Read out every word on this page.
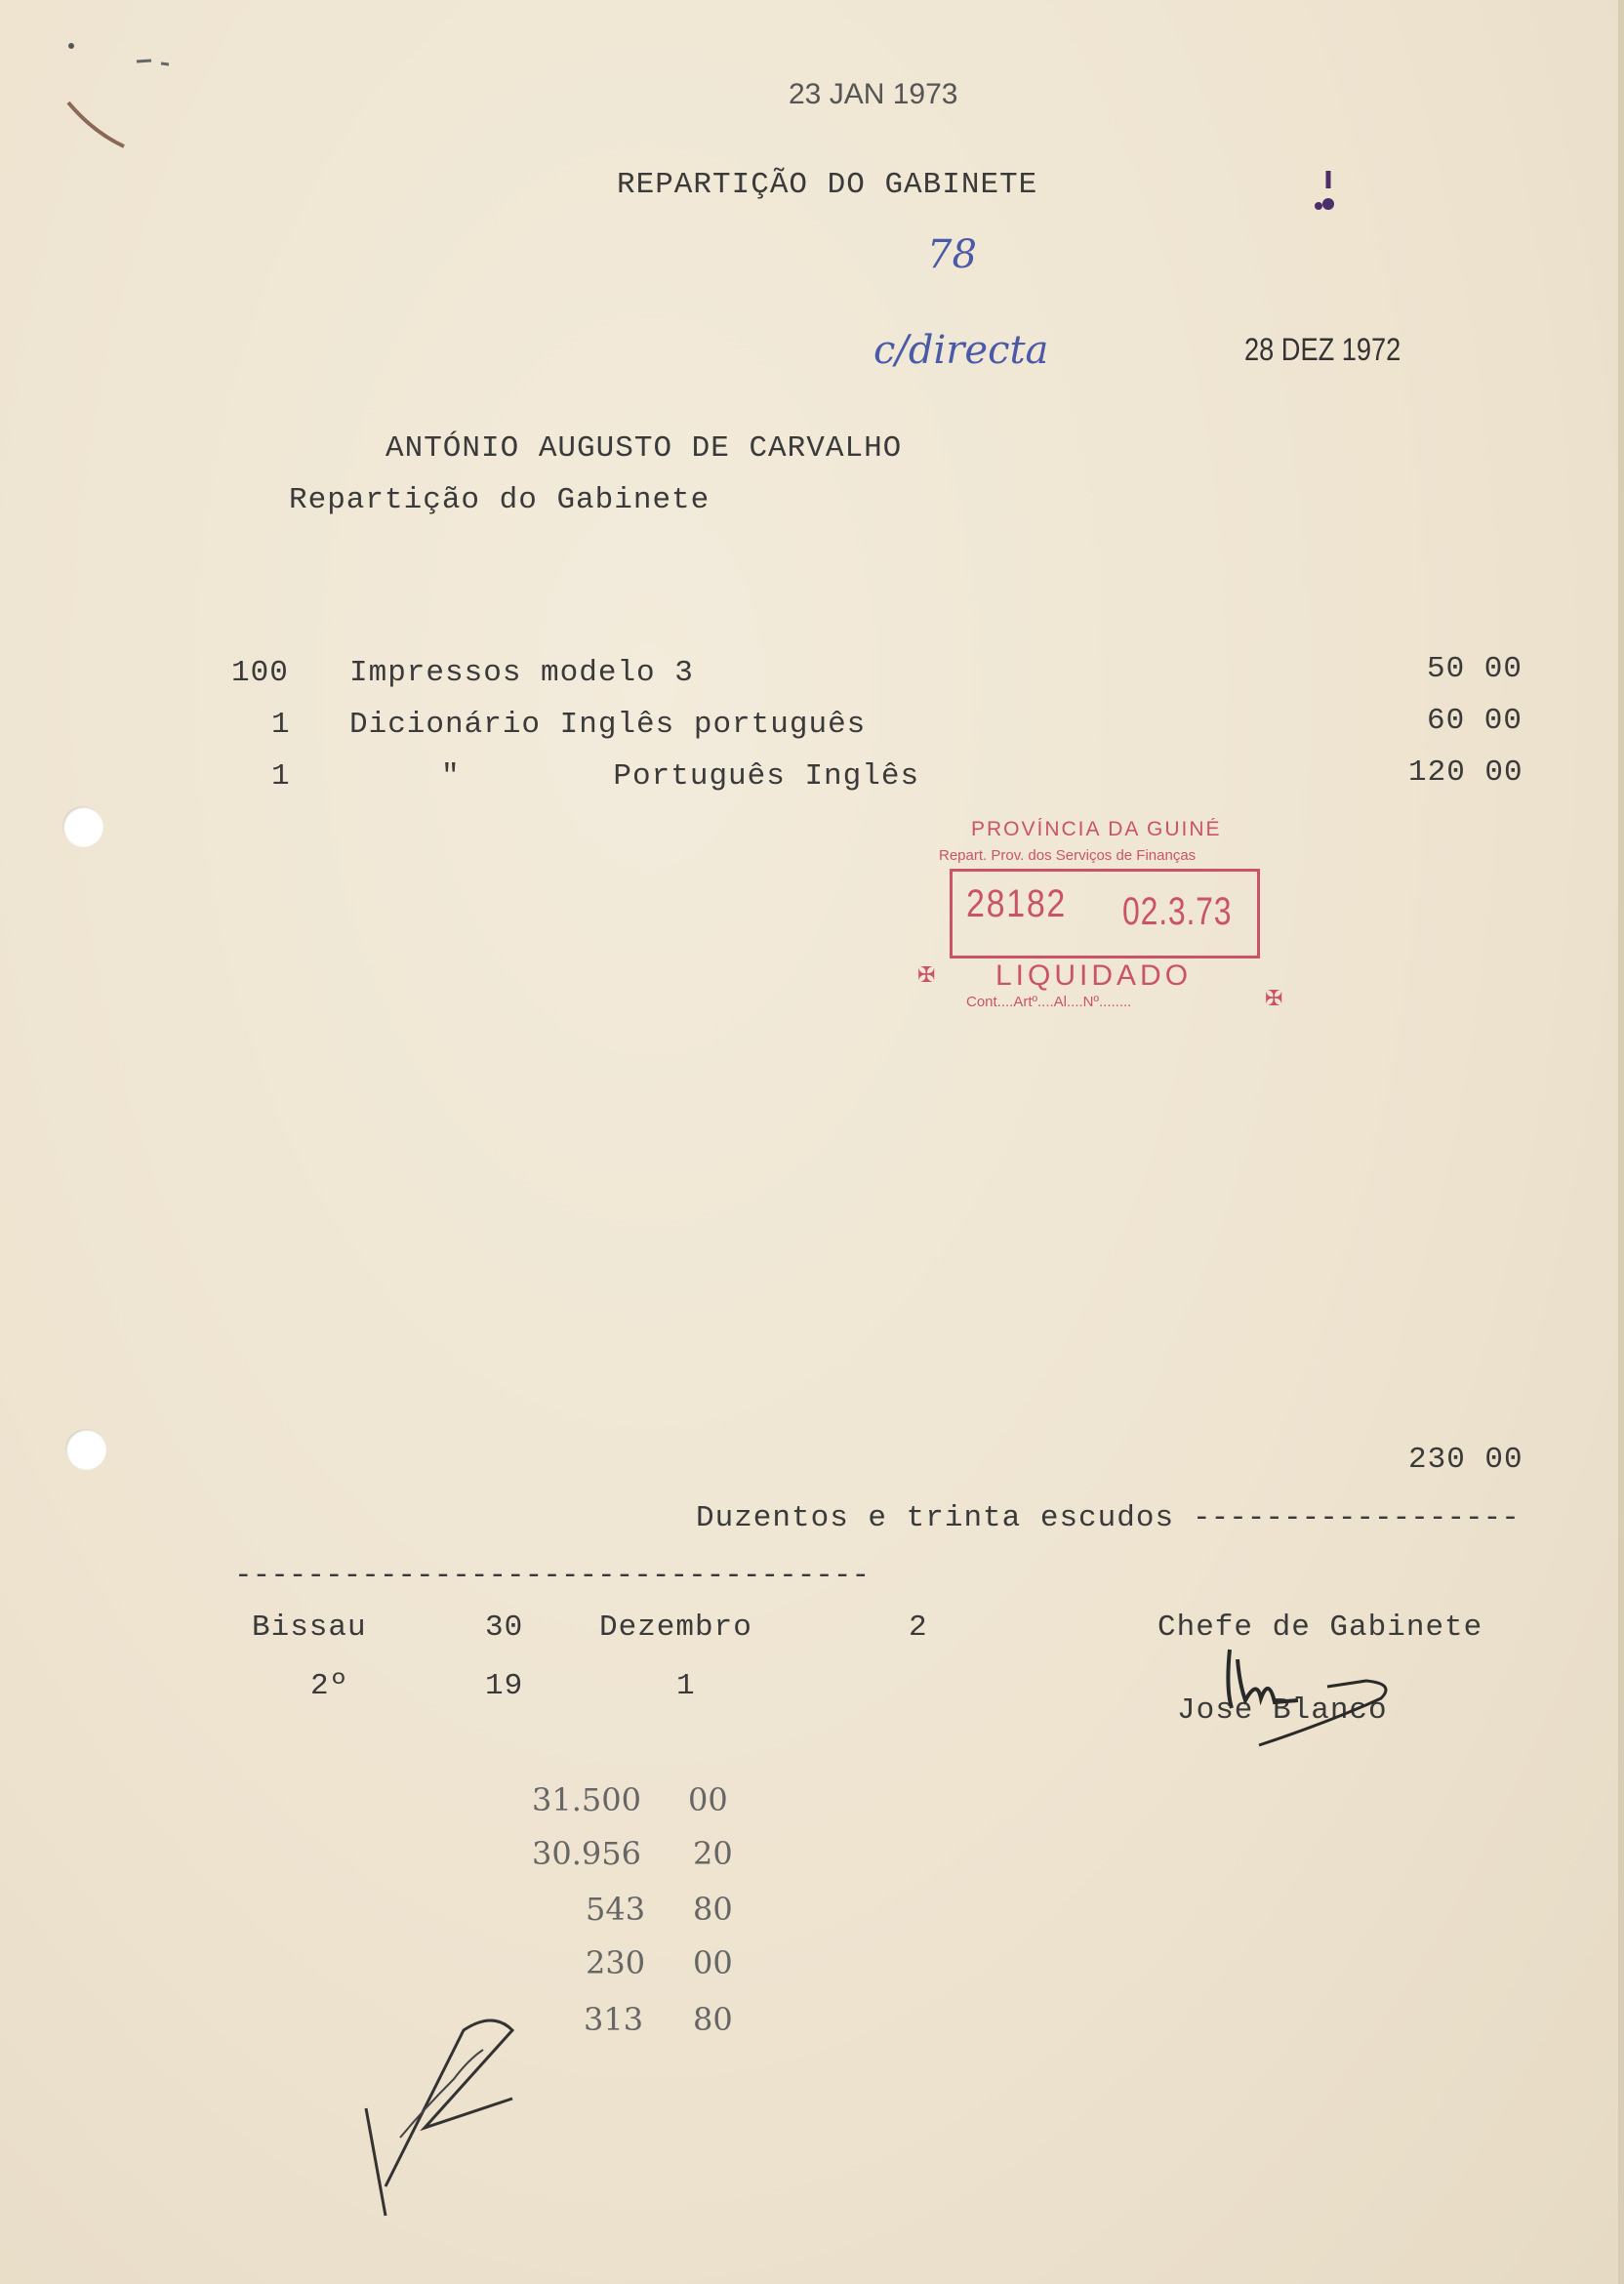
23 JAN 1973
REPARTIÇÃO DO GABINETE
78
c/directa	28 DEZ 1972
ANTÓNIO AUGUSTO DE CARVALHO
Repartição do Gabinete
100 Impressos modelo 3	50 00
1 Dicionário Inglês português	60 00
1	"        Português Inglês	120 00
PROVÍNCIA DA GUINÉ
Repart. Prov. dos Serviços de Finanças
28182 02.3.73
LIQUIDADO
Cont....Artº....Al....Nº........
✠
✠
230 00
Duzentos e trinta escudos ------------------
-----------------------------------
Bissau	30	Dezembro	2	Chefe de Gabinete
2º	19	1
Jose Blanco
31.500 00
30.956 20
543 80
230 00
313 80
